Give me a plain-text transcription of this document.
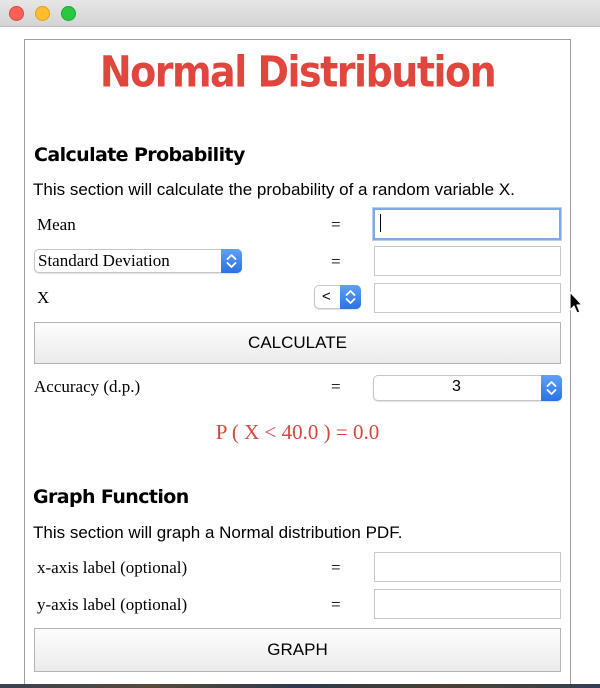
Normal Distribution
Calculate Probability
This section will calculate the probability of a random variable X.
Mean	=
Standard Deviation	=
X	<
CALCULATE
Accuracy (d.p.)	=	3
P ( X < 40.0 ) = 0.0
Graph Function
This section will graph a Normal distribution PDF.
x-axis label (optional)	=
y-axis label (optional)	=
GRAPH
